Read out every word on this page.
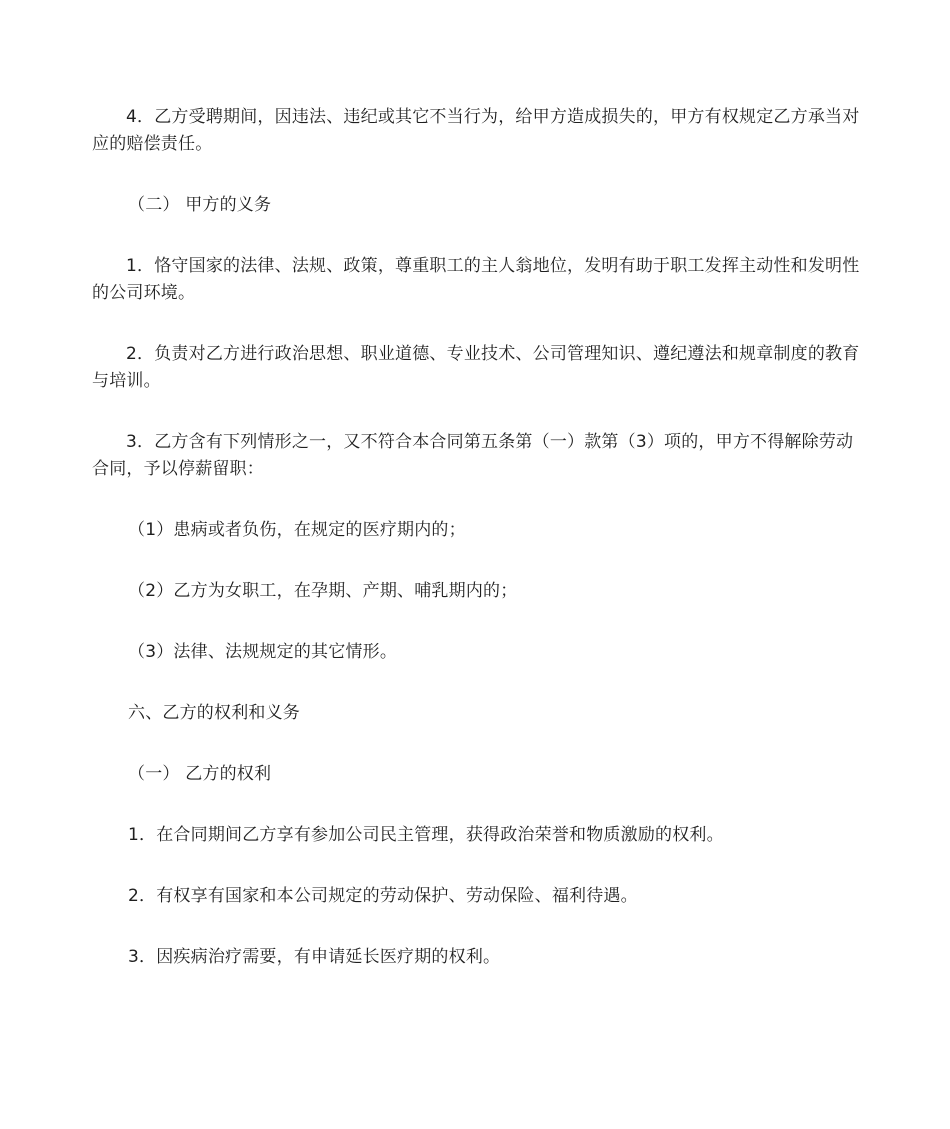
4．乙方受聘期间，因违法、违纪或其它不当行为，给甲方造成损失的，甲方有权规定乙方承当对应的赔偿责任。

（二） 甲方的义务

1．恪守国家的法律、法规、政策，尊重职工的主人翁地位，发明有助于职工发挥主动性和发明性的公司环境。

2．负责对乙方进行政治思想、职业道德、专业技术、公司管理知识、遵纪遵法和规章制度的教育与培训。

3．乙方含有下列情形之一，又不符合本合同第五条第（一）款第（3）项的，甲方不得解除劳动合同，予以停薪留职：

（1）患病或者负伤，在规定的医疗期内的；

（2）乙方为女职工，在孕期、产期、哺乳期内的；

（3）法律、法规规定的其它情形。

六、乙方的权利和义务

（一） 乙方的权利

1．在合同期间乙方享有参加公司民主管理，获得政治荣誉和物质激励的权利。

2．有权享有国家和本公司规定的劳动保护、劳动保险、福利待遇。

3．因疾病治疗需要，有申请延长医疗期的权利。
